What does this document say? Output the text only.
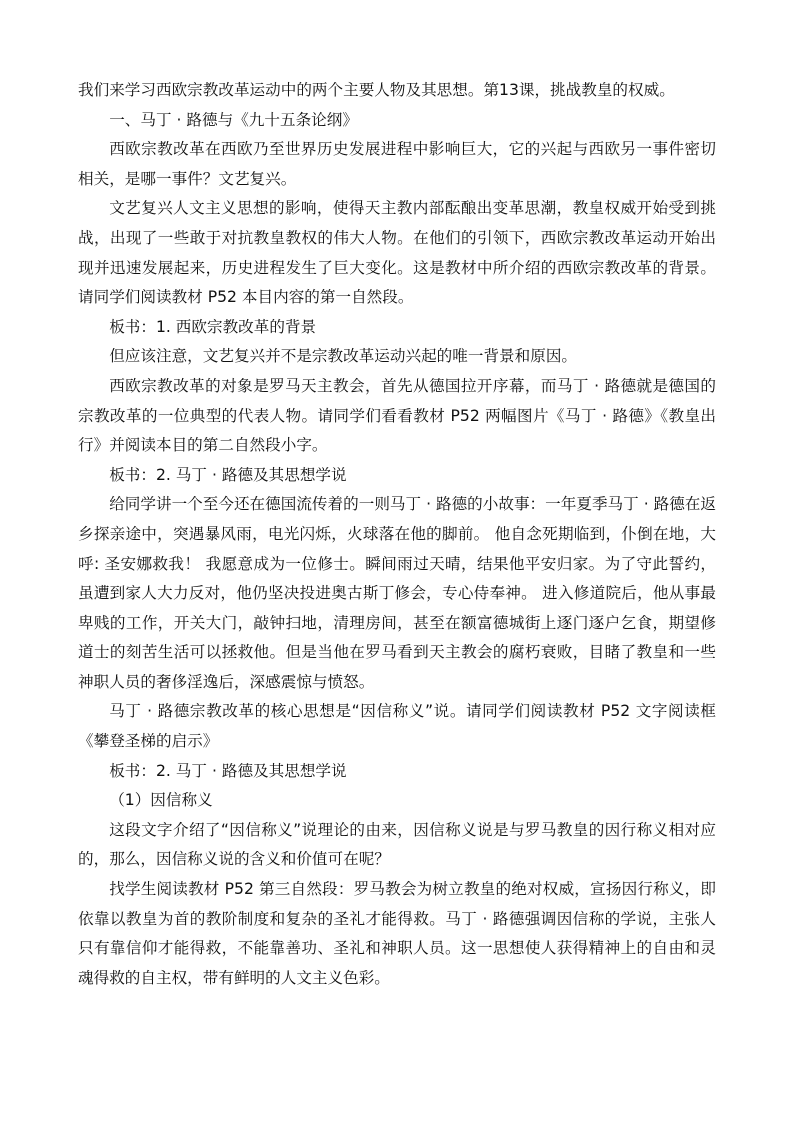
我们来学习西欧宗教改革运动中的两个主要人物及其思想。第13课，挑战教皇的权威。

一、马丁 · 路德与《九十五条论纲》

西欧宗教改革在西欧乃至世界历史发展进程中影响巨大，它的兴起与西欧另一事件密切相关，是哪一事件？文艺复兴。

文艺复兴人文主义思想的影响，使得天主教内部酝酿出变革思潮，教皇权威开始受到挑战，出现了一些敢于对抗教皇教权的伟大人物。在他们的引领下，西欧宗教改革运动开始出现并迅速发展起来，历史进程发生了巨大变化。这是教材中所介绍的西欧宗教改革的背景。请同学们阅读教材 P52 本目内容的第一自然段。

板书：1. 西欧宗教改革的背景

但应该注意，文艺复兴并不是宗教改革运动兴起的唯一背景和原因。

西欧宗教改革的对象是罗马天主教会，首先从德国拉开序幕，而马丁 · 路德就是德国的宗教改革的一位典型的代表人物。请同学们看看教材 P52 两幅图片《马丁 · 路德》《教皇出行》并阅读本目的第二自然段小字。

板书：2. 马丁 · 路德及其思想学说

给同学讲一个至今还在德国流传着的一则马丁 · 路德的小故事：一年夏季马丁 · 路德在返乡探亲途中，突遇暴风雨，电光闪烁，火球落在他的脚前。 他自念死期临到，仆倒在地，大呼: 圣安娜救我！ 我愿意成为一位修士。瞬间雨过天晴，结果他平安归家。为了守此誓约，虽遭到家人大力反对，他仍坚决投进奥古斯丁修会，专心侍奉神。 进入修道院后，他从事最卑贱的工作，开关大门，敲钟扫地，清理房间，甚至在额富德城街上逐门逐户乞食，期望修道士的刻苦生活可以拯救他。但是当他在罗马看到天主教会的腐朽衰败，目睹了教皇和一些神职人员的奢侈淫逸后，深感震惊与愤怒。

马丁 · 路德宗教改革的核心思想是“因信称义”说。请同学们阅读教材 P52 文字阅读框《攀登圣梯的启示》

板书：2. 马丁 · 路德及其思想学说

（1）因信称义

这段文字介绍了“因信称义”说理论的由来，因信称义说是与罗马教皇的因行称义相对应的，那么，因信称义说的含义和价值可在呢？

找学生阅读教材 P52 第三自然段：罗马教会为树立教皇的绝对权威，宣扬因行称义，即依靠以教皇为首的教阶制度和复杂的圣礼才能得救。马丁 · 路德强调因信称的学说，主张人只有靠信仰才能得救，不能靠善功、圣礼和神职人员。这一思想使人获得精神上的自由和灵魂得救的自主权，带有鲜明的人文主义色彩。
